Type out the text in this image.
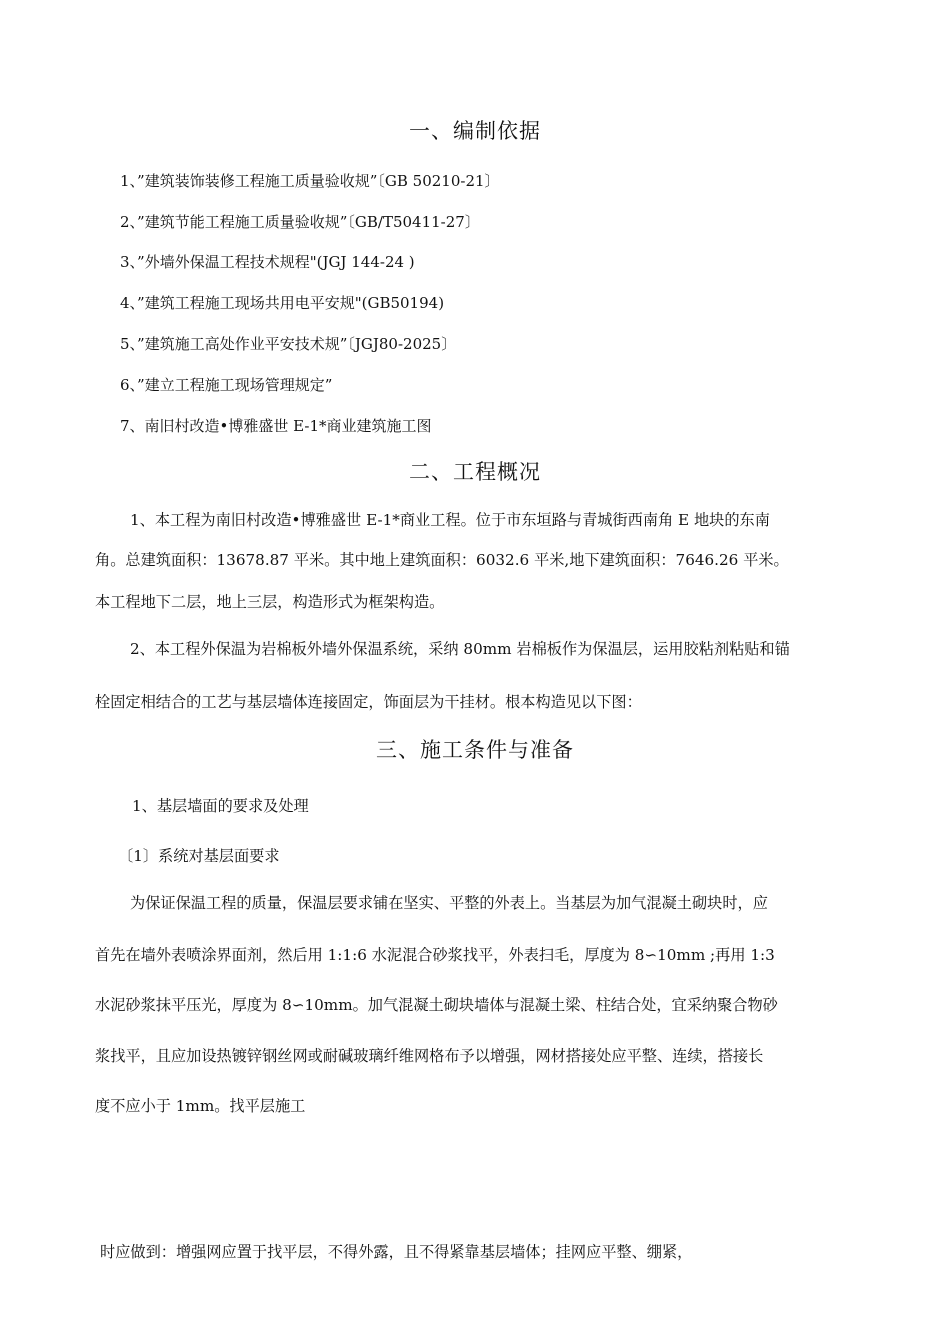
一、编制依据

1、”建筑装饰装修工程施工质量验收规”〔GB 50210-21〕

2、”建筑节能工程施工质量验收规”〔GB/T50411-27〕

3、”外墙外保温工程技术规程"(JGJ 144-24 )

4、”建筑工程施工现场共用电平安规"(GB50194)

5、”建筑施工高处作业平安技术规”〔JGJ80-2025〕

6、”建立工程施工现场管理规定”

7、南旧村改造•博雅盛世 E-1*商业建筑施工图

二、工程概况

1、本工程为南旧村改造•博雅盛世 E-1*商业工程。位于市东垣路与青城街西南角 E 地块的东南

角。总建筑面积：13678.87 平米。其中地上建筑面积：6032.6 平米,地下建筑面积：7646.26 平米。

本工程地下二层，地上三层，构造形式为框架构造。

2、本工程外保温为岩棉板外墙外保温系统，采纳 80mm 岩棉板作为保温层，运用胶粘剂粘贴和锚

栓固定相结合的工艺与基层墙体连接固定，饰面层为干挂材。根本构造见以下图：

三、施工条件与准备

1、基层墙面的要求及处理

〔1〕系统对基层面要求

为保证保温工程的质量，保温层要求铺在坚实、平整的外表上。当基层为加气混凝土砌块时，应

首先在墙外表喷涂界面剂，然后用 1:1:6 水泥混合砂浆找平，外表扫毛，厚度为 8∽10mm ;再用 1:3

水泥砂浆抹平压光，厚度为 8∽10mm。加气混凝土砌块墙体与混凝土梁、柱结合处，宜采纳聚合物砂

浆找平，且应加设热镀锌钢丝网或耐碱玻璃纤维网格布予以增强，网材搭接处应平整、连续，搭接长

度不应小于 1mm。找平层施工

时应做到：增强网应置于找平层，不得外露，且不得紧靠基层墙体；挂网应平整、绷紧，
